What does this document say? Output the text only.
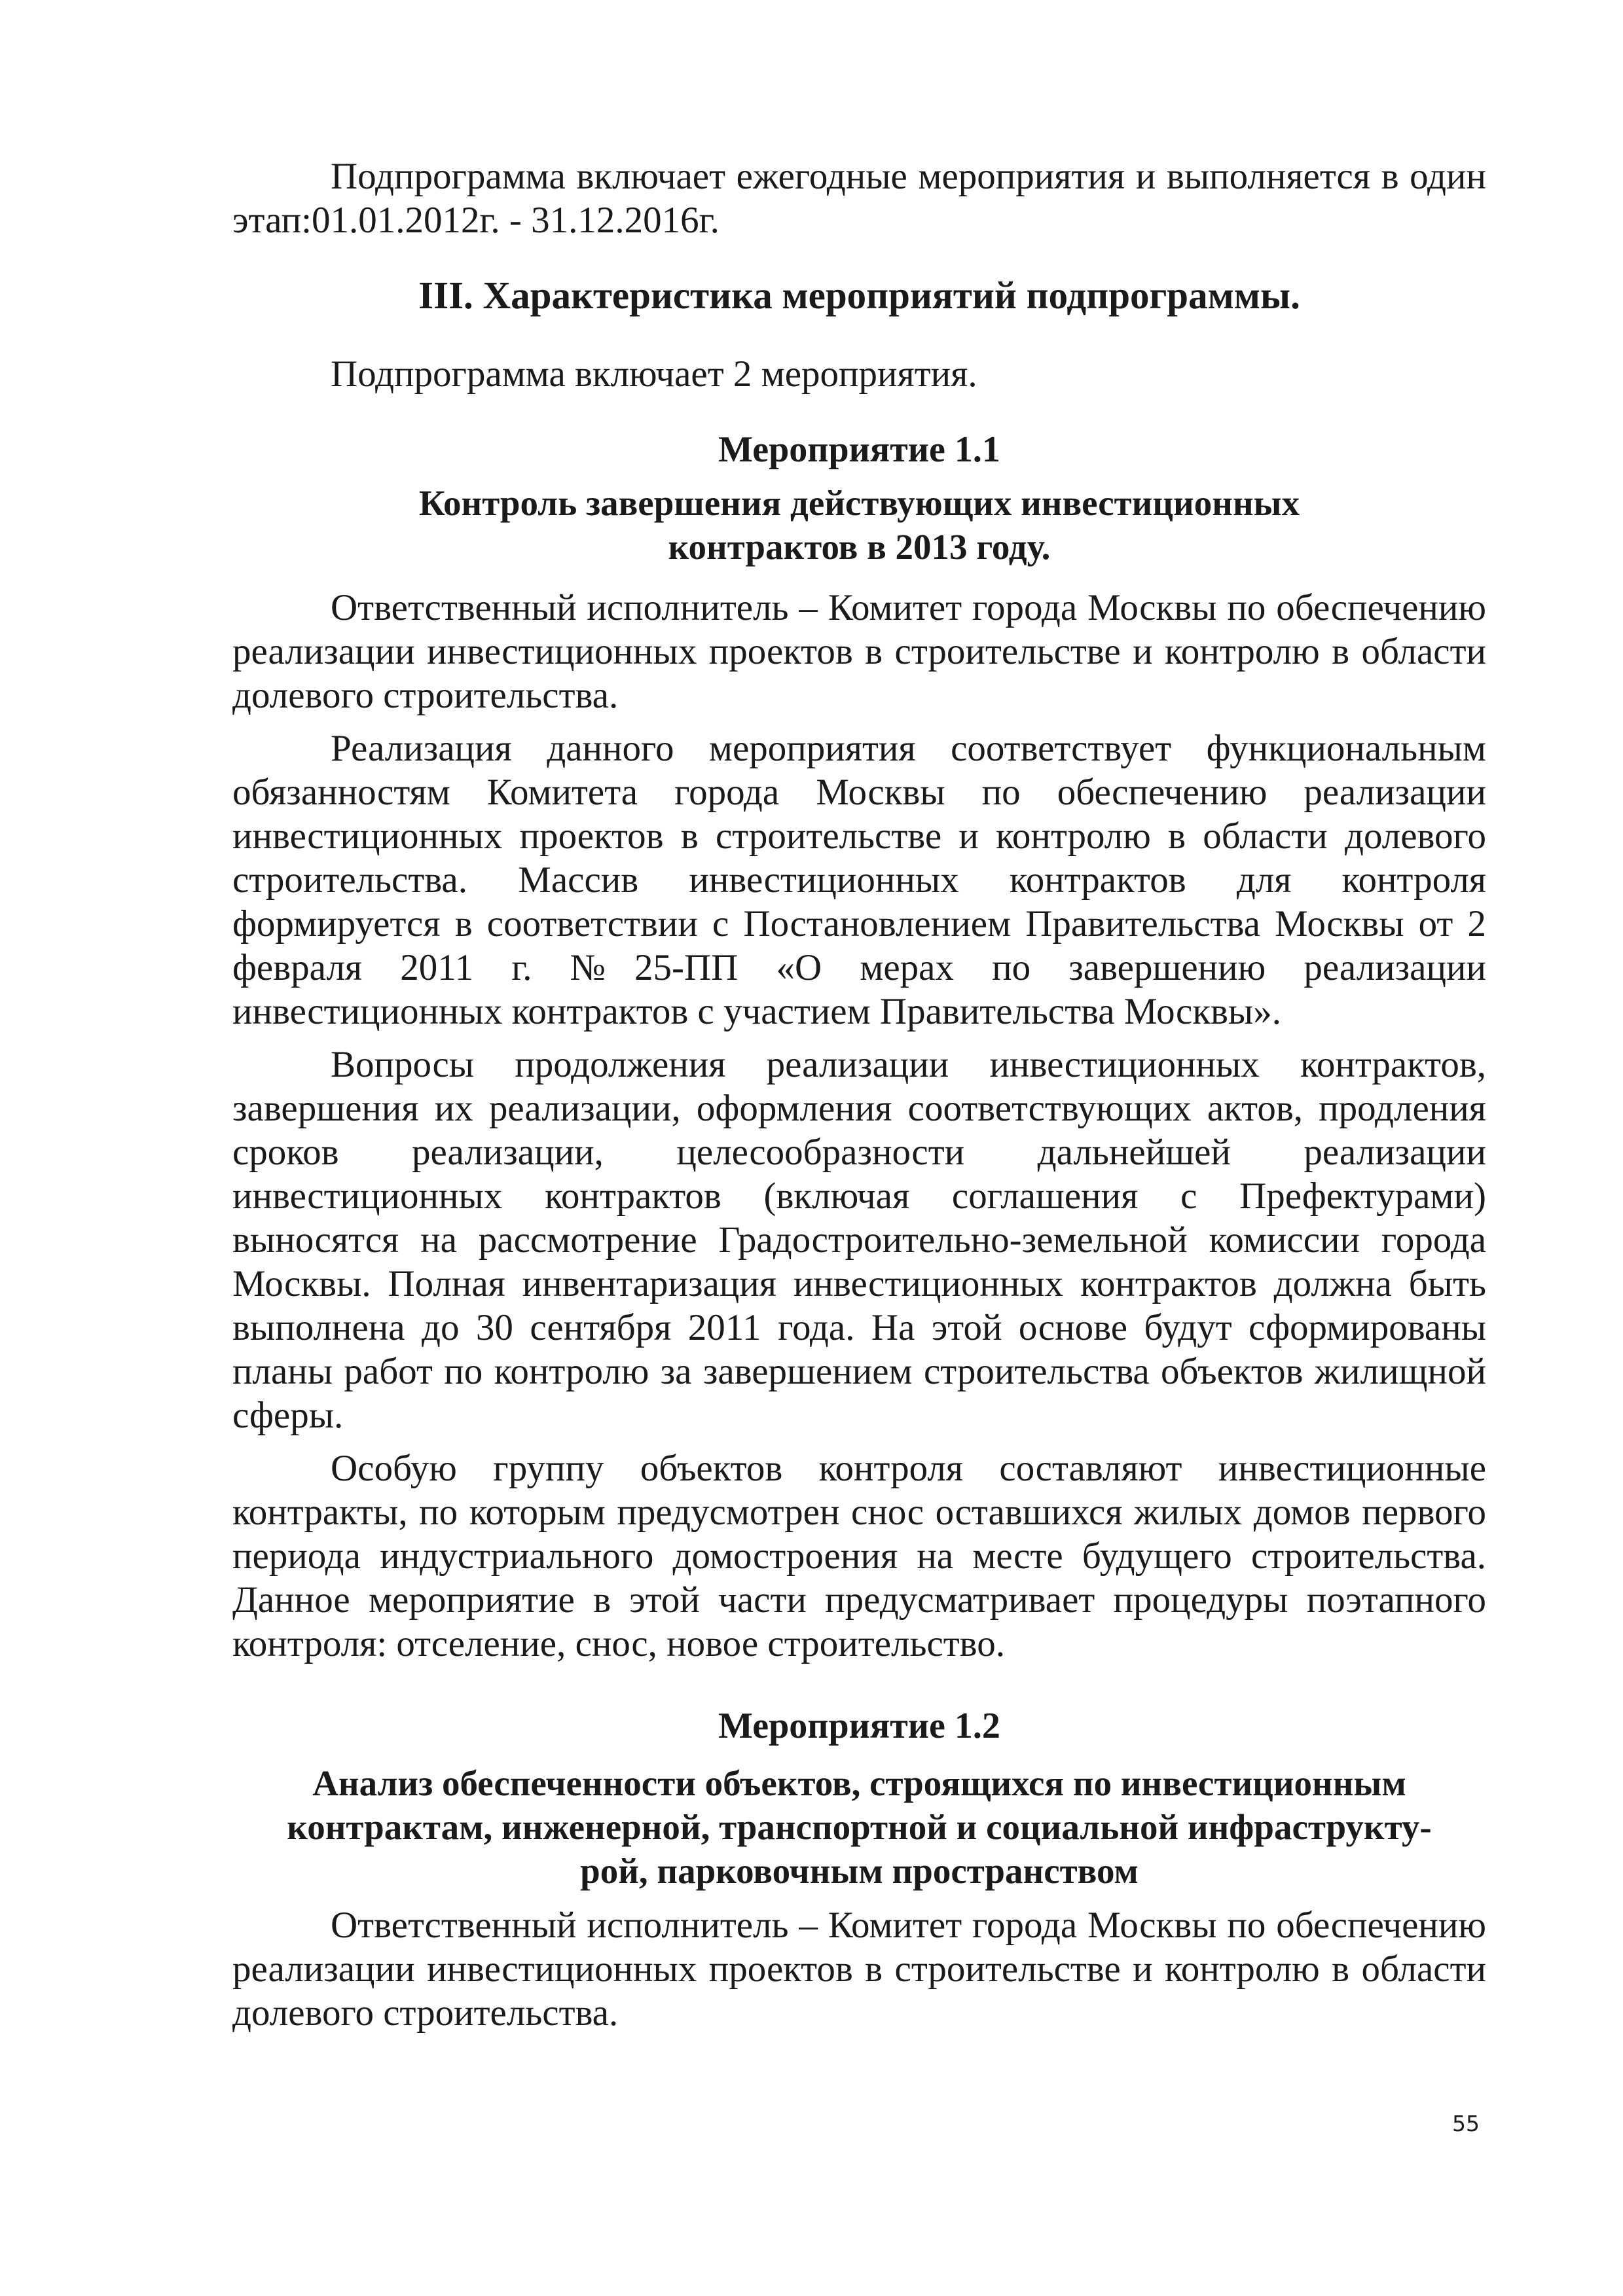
Подпрограмма включает ежегодные мероприятия и выполняется в один этап:01.01.2012г. - 31.12.2016г.

III. Характеристика мероприятий подпрограммы.

Подпрограмма включает 2 мероприятия.

Мероприятие 1.1
Контроль завершения действующих инвестиционных
контрактов в 2013 году.

Ответственный исполнитель – Комитет города Москвы по обеспечению реализации инвестиционных проектов в строительстве и контролю в области долевого строительства.

Реализация данного мероприятия соответствует функциональным обязанностям Комитета города Москвы по обеспечению реализации инвестиционных проектов в строительстве и контролю в области долевого строительства. Массив инвестиционных контрактов для контроля формируется в соответствии с Постановлением Правительства Москвы от 2 февраля 2011 г. №25-ПП «О мерах по завершению реализации инвестиционных контрактов с участием Правительства Москвы».

Вопросы продолжения реализации инвестиционных контрактов, завершения их реализации, оформления соответствующих актов, продления сроков реализации, целесообразности дальнейшей реализации инвестиционных контрактов (включая соглашения с Префектурами) выносятся на рассмотрение Градостроительно-земельной комиссии города Москвы. Полная инвентаризация инвестиционных контрактов должна быть выполнена до 30 сентября 2011 года. На этой основе будут сформированы планы работ по контролю за завершением строительства объектов жилищной сферы.

Особую группу объектов контроля составляют инвестиционные контракты, по которым предусмотрен снос оставшихся жилых домов первого периода индустриального домостроения на месте будущего строительства. Данное мероприятие в этой части предусматривает процедуры поэтапного контроля: отселение, снос, новое строительство.

Мероприятие 1.2
Анализ обеспеченности объектов, строящихся по инвестиционным
контрактам, инженерной, транспортной и социальной инфраструкту-
рой, парковочным пространством

Ответственный исполнитель – Комитет города Москвы по обеспечению реализации инвестиционных проектов в строительстве и контролю в области долевого строительства.

55
